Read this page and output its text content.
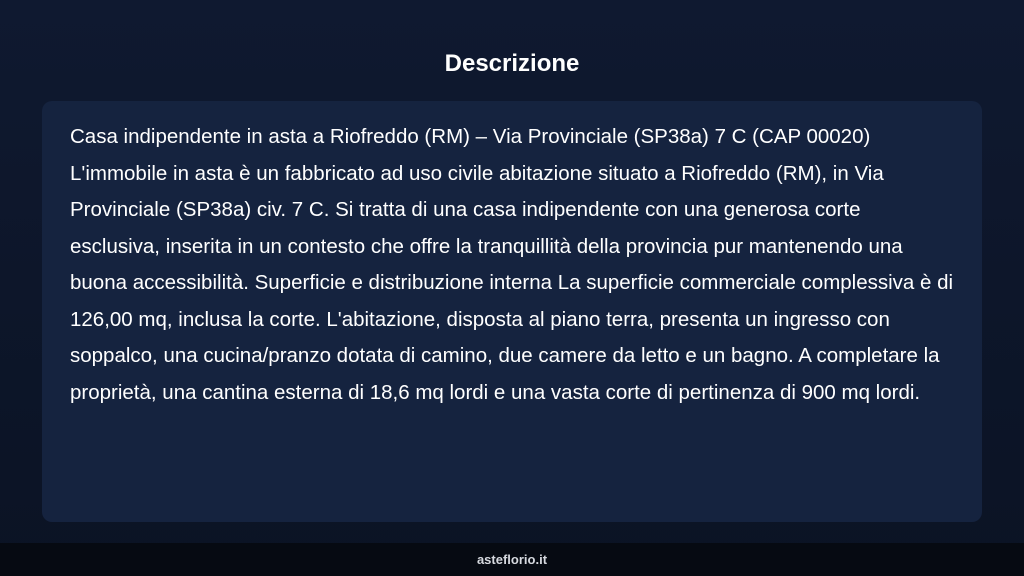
Descrizione

Casa indipendente in asta a Riofreddo (RM) – Via Provinciale (SP38a) 7 C (CAP 00020) L'immobile in asta è un fabbricato ad uso civile abitazione situato a Riofreddo (RM), in Via Provinciale (SP38a) civ. 7 C. Si tratta di una casa indipendente con una generosa corte esclusiva, inserita in un contesto che offre la tranquillità della provincia pur mantenendo una buona accessibilità. Superficie e distribuzione interna La superficie commerciale complessiva è di 126,00 mq, inclusa la corte. L'abitazione, disposta al piano terra, presenta un ingresso con soppalco, una cucina/pranzo dotata di camino, due camere da letto e un bagno. A completare la proprietà, una cantina esterna di 18,6 mq lordi e una vasta corte di pertinenza di 900 mq lordi.

asteflorio.it
